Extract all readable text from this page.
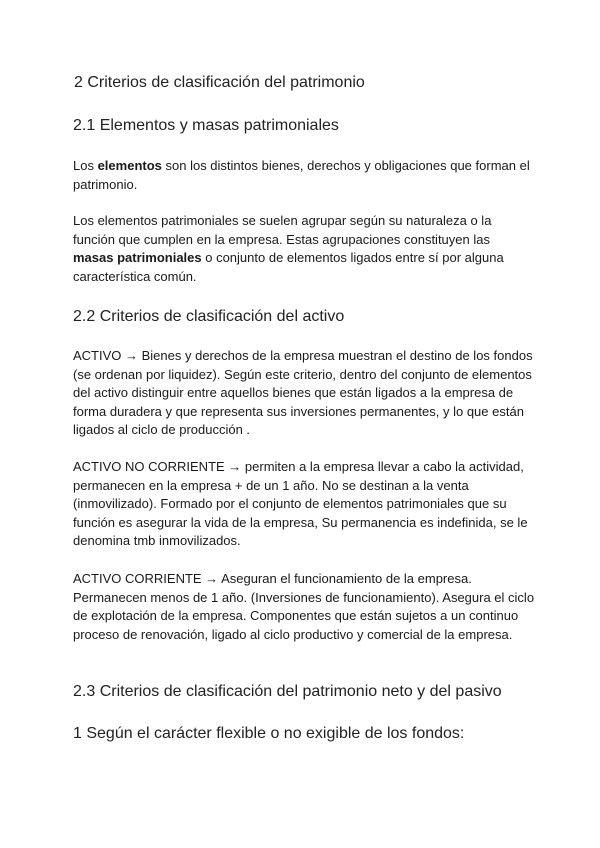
2 Criterios de clasificación del patrimonio
2.1 Elementos y masas patrimoniales

Los elementos son los distintos bienes, derechos y obligaciones que forman el patrimonio.

Los elementos patrimoniales se suelen agrupar según su naturaleza o la función que cumplen en la empresa. Estas agrupaciones constituyen las masas patrimoniales o conjunto de elementos ligados entre sí por alguna característica común.

2.2 Criterios de clasificación del activo

ACTIVO → Bienes y derechos de la empresa muestran el destino de los fondos (se ordenan por liquidez). Según este criterio, dentro del conjunto de elementos del activo distinguir entre aquellos bienes que están ligados a la empresa de forma duradera y que representa sus inversiones permanentes, y lo que están ligados al ciclo de producción .

ACTIVO NO CORRIENTE → permiten a la empresa llevar a cabo la actividad, permanecen en la empresa + de un 1 año. No se destinan a la venta (inmovilizado). Formado por el conjunto de elementos patrimoniales que su función es asegurar la vida de la empresa, Su permanencia es indefinida, se le denomina tmb inmovilizados.

ACTIVO CORRIENTE → Aseguran el funcionamiento de la empresa. Permanecen menos de 1 año. (Inversiones de funcionamiento). Asegura el ciclo de explotación de la empresa. Componentes que están sujetos a un continuo proceso de renovación, ligado al ciclo productivo y comercial de la empresa.

2.3 Criterios de clasificación del patrimonio neto y del pasivo
1 Según el carácter flexible o no exigible de los fondos:
